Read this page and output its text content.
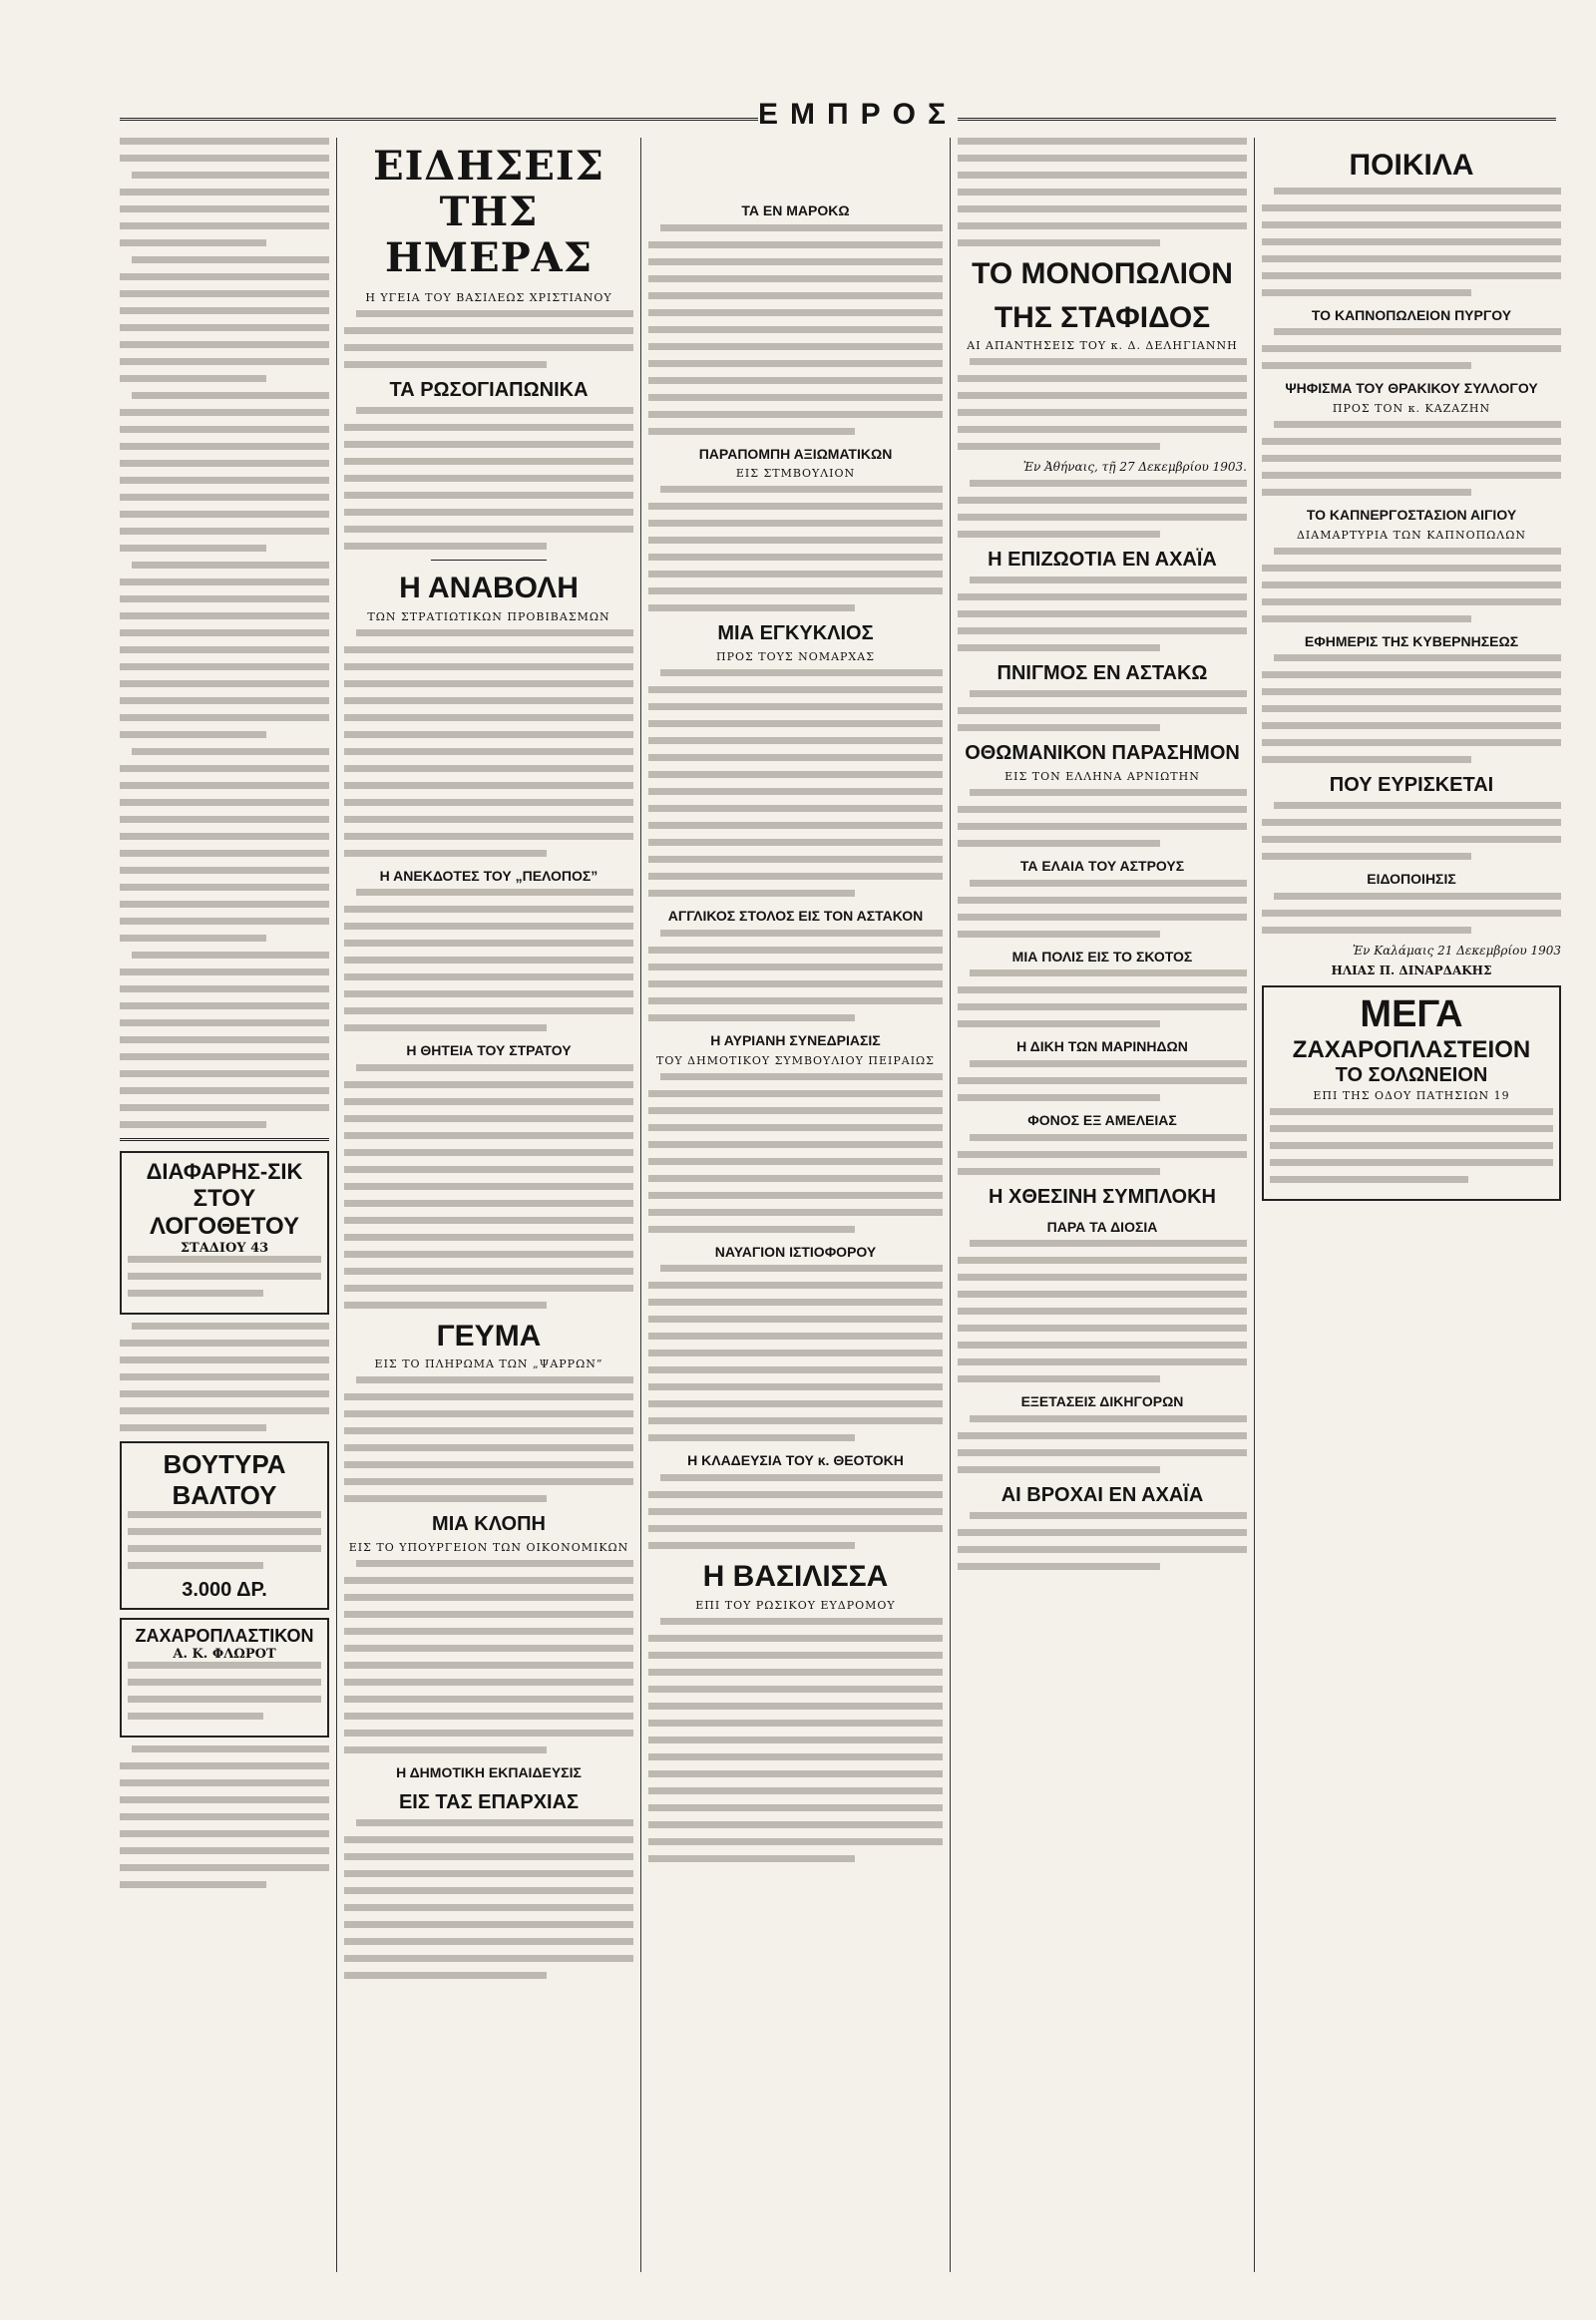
ΕΜΠΡΟΣ
ΔΙΑΦΑΡΗΣ-ΣΙΚ
ΣΤΟΥ ΛΟΓΟΘΕΤΟΥ
ΣΤΑΔΙΟΥ 43
ΒΟΥΤΥΡΑ ΒΑΛΤΟΥ
3.000 ΔΡ.
ΖΑΧΑΡΟΠΛΑΣΤΙΚΟΝ
Α. Κ. ΦΛΩΡΟΤ
ΕΙΔΗΣΕΙΣ ΤΗΣ ΗΜΕΡΑΣ
Η ΥΓΕΙΑ ΤΟΥ ΒΑΣΙΛΕΩΣ ΧΡΙΣΤΙΑΝΟΥ
ΤΑ ΡΩΣΟΓΙΑΠΩΝΙΚΑ
Η ΑΝΑΒΟΛΗ
ΤΩΝ ΣΤΡΑΤΙΩΤΙΚΩΝ ΠΡΟΒΙΒΑΣΜΩΝ
Η ΑΝΕΚΔΟΤΕΣ ΤΟΥ „ΠΕΛΟΠΟΣ”
Η ΘΗΤΕΙΑ ΤΟΥ ΣΤΡΑΤΟΥ
ΓΕΥΜΑ
ΕΙΣ ΤΟ ΠΛΗΡΩΜΑ ΤΩΝ „ΨΑΡΡΩΝ”
ΜΙΑ ΚΛΟΠΗ
ΕΙΣ ΤΟ ΥΠΟΥΡΓΕΙΟΝ ΤΩΝ ΟΙΚΟΝΟΜΙΚΩΝ
Η ΔΗΜΟΤΙΚΗ ΕΚΠΑΙΔΕΥΣΙΣ
ΕΙΣ ΤΑΣ ΕΠΑΡΧΙΑΣ
ΤΑ ΕΝ ΜΑΡΟΚΩ
ΠΑΡΑΠΟΜΠΗ ΑΞΙΩΜΑΤΙΚΩΝ
ΕΙΣ ΣΤΜΒΟΥΛΙΟΝ
ΜΙΑ ΕΓΚΥΚΛΙΟΣ
ΠΡΟΣ ΤΟΥΣ ΝΟΜΑΡΧΑΣ
ΑΓΓΛΙΚΟΣ ΣΤΟΛΟΣ ΕΙΣ ΤΟΝ ΑΣΤΑΚΟΝ
Η ΑΥΡΙΑΝΗ ΣΥΝΕΔΡΙΑΣΙΣ
ΤΟΥ ΔΗΜΟΤΙΚΟΥ ΣΥΜΒΟΥΛΙΟΥ ΠΕΙΡΑΙΩΣ
ΝΑΥΑΓΙΟΝ ΙΣΤΙΟΦΟΡΟΥ
Η ΚΛΑΔΕΥΣΙΑ ΤΟΥ κ. ΘΕΟΤΟΚΗ
Η ΒΑΣΙΛΙΣΣΑ
ΕΠΙ ΤΟΥ ΡΩΣΙΚΟΥ ΕΥΔΡΟΜΟΥ
ΤΟ ΜΟΝΟΠΩΛΙΟΝ
ΤΗΣ ΣΤΑΦΙΔΟΣ
ΑΙ ΑΠΑΝΤΗΣΕΙΣ ΤΟΥ κ. Δ. ΔΕΛΗΓΙΑΝΝΗ
Ἐν Ἀθήναις, τῇ 27 Δεκεμβρίου 1903.
Η ΕΠΙΖΩΟΤΙΑ ΕΝ ΑΧΑΪΑ
ΠΝΙΓΜΟΣ ΕΝ ΑΣΤΑΚΩ
ΟΘΩΜΑΝΙΚΟΝ ΠΑΡΑΣΗΜΟΝ
ΕΙΣ ΤΟΝ ΕΛΛΗΝΑ ΑΡΝΙΩΤΗΝ
ΤΑ ΕΛΑΙΑ ΤΟΥ ΑΣΤΡΟΥΣ
ΜΙΑ ΠΟΛΙΣ ΕΙΣ ΤΟ ΣΚΟΤΟΣ
Η ΔΙΚΗ ΤΩΝ ΜΑΡΙΝΗΔΩΝ
ΦΟΝΟΣ ΕΞ ΑΜΕΛΕΙΑΣ
Η ΧΘΕΣΙΝΗ ΣΥΜΠΛΟΚΗ
ΠΑΡΑ ΤΑ ΔΙΟΣΙΑ
ΕΞΕΤΑΣΕΙΣ ΔΙΚΗΓΟΡΩΝ
ΑΙ ΒΡΟΧΑΙ ΕΝ ΑΧΑΪΑ
ΠΟΙΚΙΛΑ
ΤΟ ΚΑΠΝΟΠΩΛΕΙΟΝ ΠΥΡΓΟΥ
ΨΗΦΙΣΜΑ ΤΟΥ ΘΡΑΚΙΚΟΥ ΣΥΛΛΟΓΟΥ
ΠΡΟΣ ΤΟΝ κ. ΚΑΖΑΖΗΝ
ΤΟ ΚΑΠΝΕΡΓΟΣΤΑΣΙΟΝ ΑΙΓΙΟΥ
ΔΙΑΜΑΡΤΥΡΙΑ ΤΩΝ ΚΑΠΝΟΠΩΛΩΝ
ΕΦΗΜΕΡΙΣ ΤΗΣ ΚΥΒΕΡΝΗΣΕΩΣ
ΠΟΥ ΕΥΡΙΣΚΕΤΑΙ
ΕΙΔΟΠΟΙΗΣΙΣ
Ἐν Καλάμαις 21 Δεκεμβρίου 1903
ΗΛΙΑΣ Π. ΔΙΝΑΡΔΑΚΗΣ
ΜΕΓΑ
ΖΑΧΑΡΟΠΛΑΣΤΕΙΟΝ
ΤΟ ΣΟΛΩΝΕΙΟΝ
ΕΠΙ ΤΗΣ ΟΔΟΥ ΠΑΤΗΣΙΩΝ 19
